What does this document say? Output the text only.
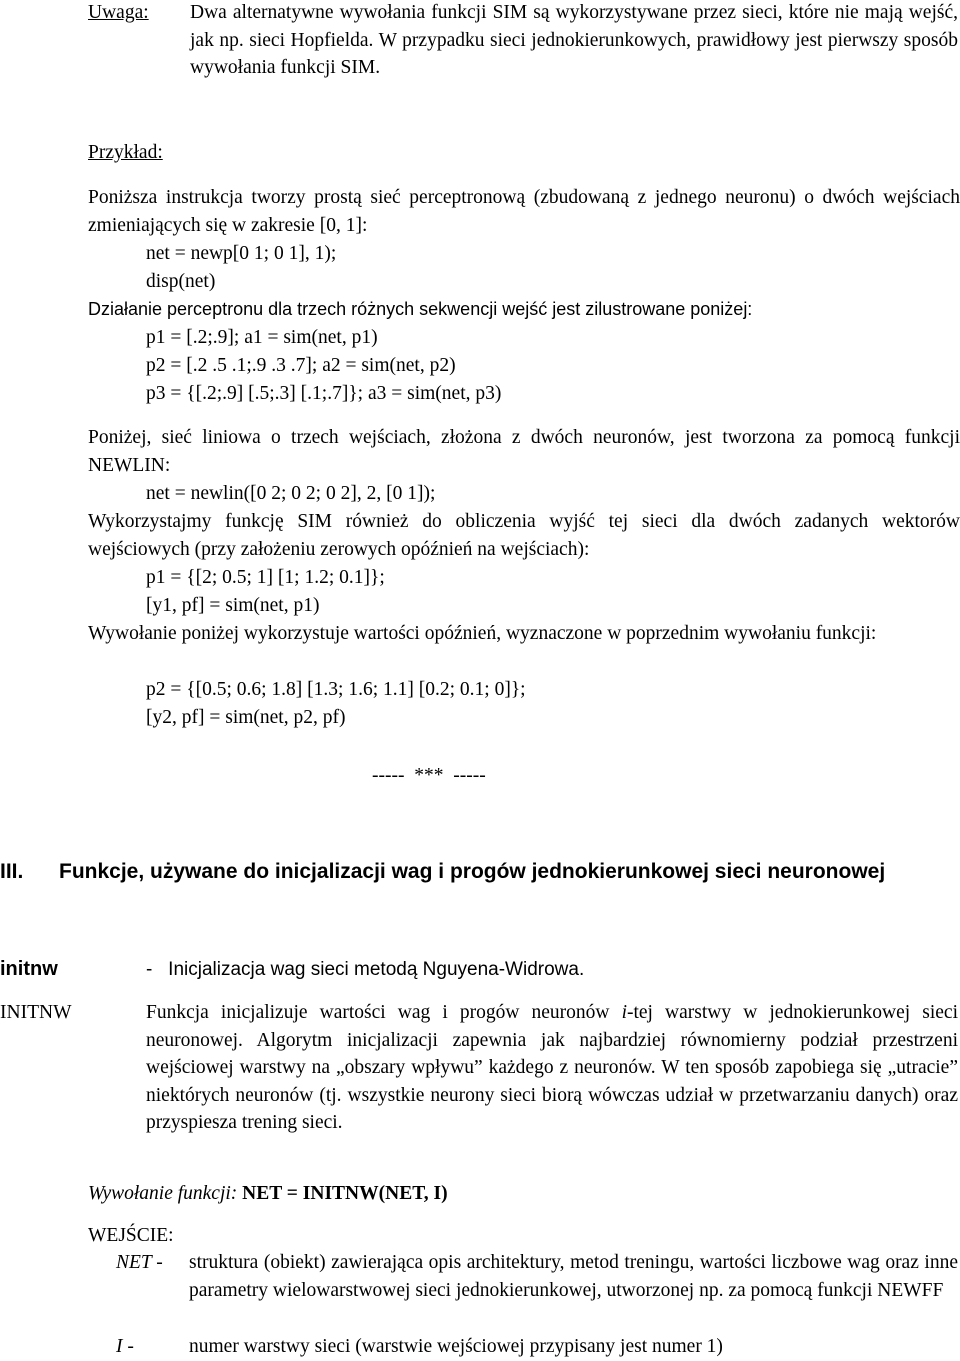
Uwaga: Dwa alternatywne wywołania funkcji SIM są wykorzystywane przez sieci, które nie mają wejść, jak np. sieci Hopfielda. W przypadku sieci jednokierunkowych, prawidłowy jest pierwszy sposób wywołania funkcji SIM.

Przykład:

Poniższa instrukcja tworzy prostą sieć perceptronową (zbudowaną z jednego neuronu) o dwóch wejściach zmieniających się w zakresie [0, 1]:

net = newp[0 1; 0 1], 1);
disp(net)
Działanie perceptronu dla trzech różnych sekwencji wejść jest zilustrowane poniżej:
p1 = [.2;.9]; a1 = sim(net, p1)
p2 = [.2 .5 .1;.9 .3 .7]; a2 = sim(net, p2)
p3 = {[.2;.9] [.5;.3] [.1;.7]}; a3 = sim(net, p3)

Poniżej, sieć liniowa o trzech wejściach, złożona z dwóch neuronów, jest tworzona za pomocą funkcji NEWLIN:

net = newlin([0 2; 0 2; 0 2], 2, [0 1]);

Wykorzystajmy funkcję SIM również do obliczenia wyjść tej sieci dla dwóch zadanych wektorów wejściowych (przy założeniu zerowych opóźnień na wejściach):

p1 = {[2; 0.5; 1] [1; 1.2; 0.1]};
[y1, pf] = sim(net, p1)

Wywołanie poniżej wykorzystuje wartości opóźnień, wyznaczone w poprzednim wywołaniu funkcji:

p2 = {[0.5; 0.6; 1.8] [1.3; 1.6; 1.1] [0.2; 0.1; 0]};
[y2, pf] = sim(net, p2, pf)
-----  ***  -----
III. Funkcje, używane do inicjalizacji wag i progów jednokierunkowej sieci neuronowej

initnw	-   Inicjalizacja wag sieci metodą Nguyena-Widrowa.
INITNW	Funkcja inicjalizuje wartości wag i progów neuronów i-tej warstwy w jednokierunkowej sieci neuronowej. Algorytm inicjalizacji zapewnia jak najbardziej równomierny podział przestrzeni wejściowej warstwy na „obszary wpływu” każdego z neuronów. W ten sposób zapobiega się „utracie” niektórych neuronów (tj. wszystkie neurony sieci biorą wówczas udział w przetwarzaniu danych) oraz przyspiesza trening sieci.

Wywołanie funkcji: NET = INITNW(NET, I)
WEJŚCIE:
NET - struktura (obiekt) zawierająca opis architektury, metod treningu, wartości liczbowe wag oraz inne parametry wielowarstwowej sieci jednokierunkowej, utworzonej np. za pomocą funkcji NEWFF

I -	numer warstwy sieci (warstwie wejściowej przypisany jest numer 1)
